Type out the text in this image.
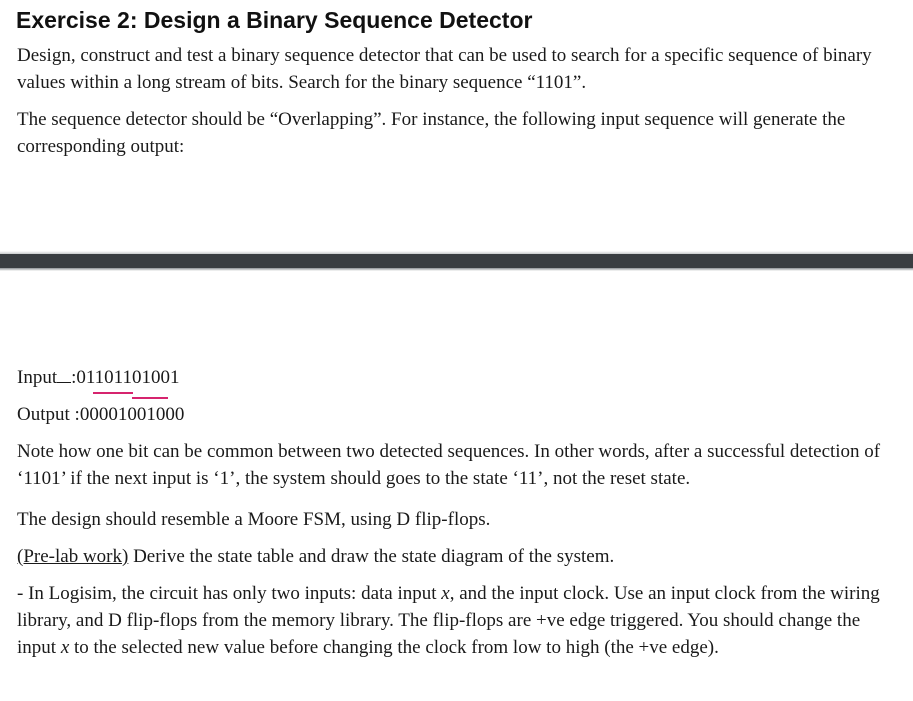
Exercise 2: Design a Binary Sequence Detector

Design, construct and test a binary sequence detector that can be used to search for a specific sequence of binary values within a long stream of bits. Search for the binary sequence “1101”.

The sequence detector should be “Overlapping”. For instance, the following input sequence will generate the corresponding output:

Input :01101101001

Output :00001001000

Note how one bit can be common between two detected sequences. In other words, after a successful detection of ‘1101’ if the next input is ‘1’, the system should goes to the state ‘11’, not the reset state.

The design should resemble a Moore FSM, using D flip-flops.

(Pre-lab work) Derive the state table and draw the state diagram of the system.

- In Logisim, the circuit has only two inputs: data input x, and the input clock. Use an input clock from the wiring library, and D flip-flops from the memory library. The flip-flops are +ve edge triggered. You should change the input x to the selected new value before changing the clock from low to high (the +ve edge).
